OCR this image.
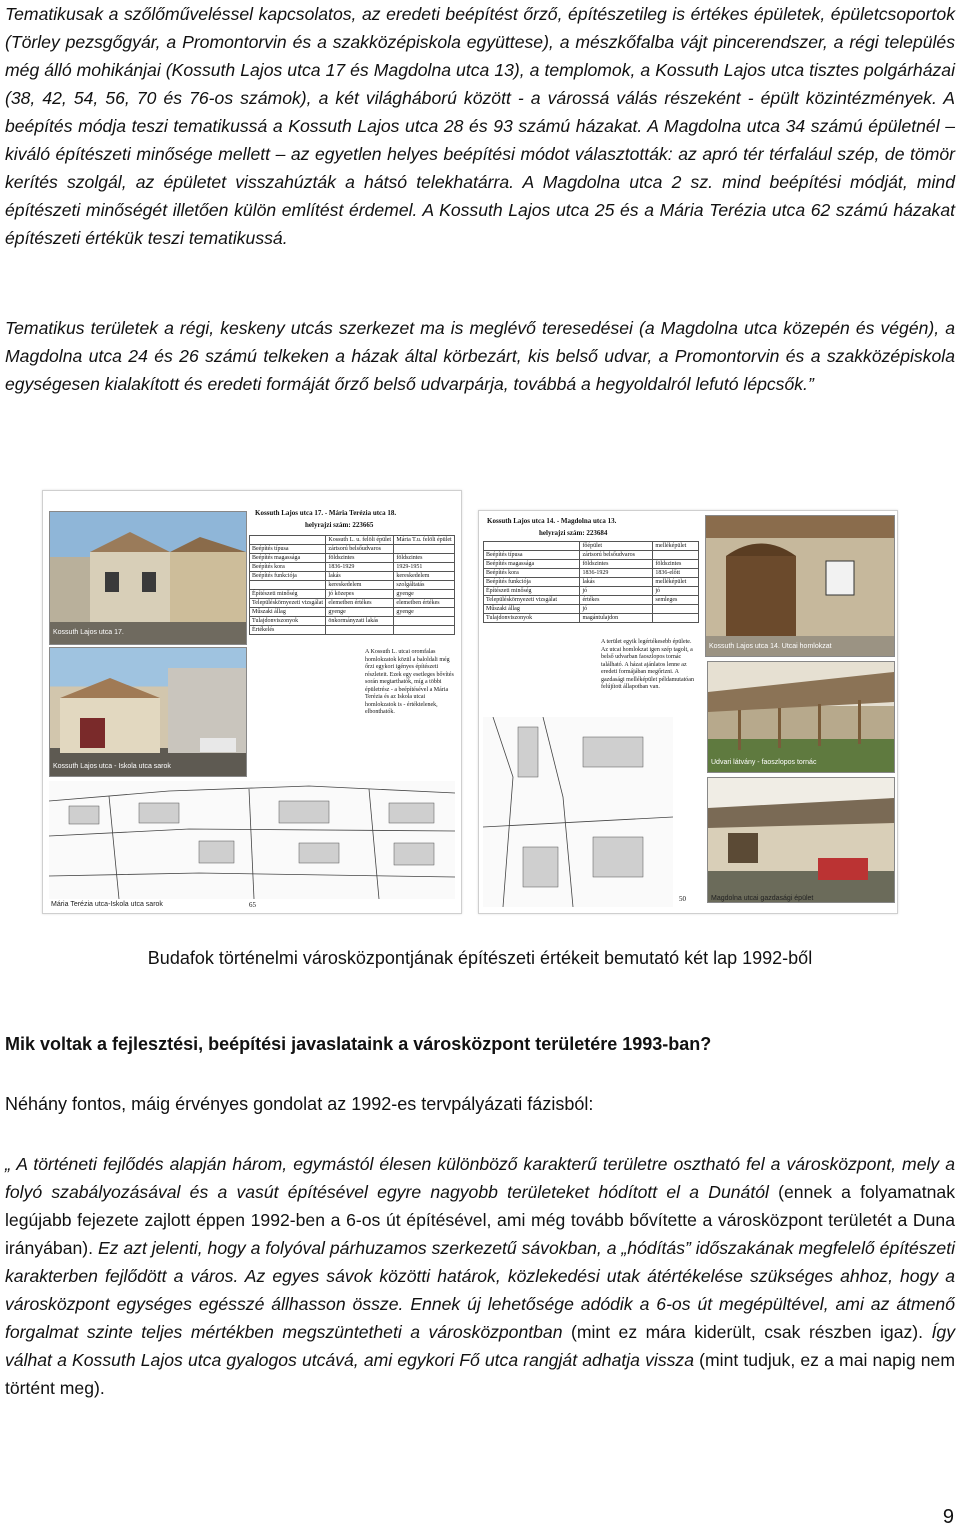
Tematikusak a szőlőműveléssel kapcsolatos, az eredeti beépítést őrző, építészetileg is értékes épületek, épületcsoportok (Törley pezsgőgyár, a Promontorvin és a szakközépiskola együttese), a mészkőfalba vájt pincerendszer, a régi település még álló mohikánjai (Kossuth Lajos utca 17 és Magdolna utca 13), a templomok, a Kossuth Lajos utca tisztes polgárházai (38, 42, 54, 56, 70 és 76-os számok), a két világháború között - a várossá válás részeként - épült közintézmények. A beépítés módja teszi tematikussá a Kossuth Lajos utca 28 és 93 számú házakat. A Magdolna utca 34 számú épületnél –kiváló építészeti minősége mellett – az egyetlen helyes beépítési módot választották: az apró tér térfalául szép, de tömör kerítés szolgál, az épületet visszahúzták a hátsó telekhatárra. A Magdolna utca 2 sz. mind beépítési módját, mind építészeti minőségét illetően külön említést érdemel. A Kossuth Lajos utca 25 és a Mária Terézia utca 62 számú házakat építészeti értékük teszi tematikussá.

Tematikus területek a régi, keskeny utcás szerkezet ma is meglévő teresedései (a Magdolna utca közepén és végén), a Magdolna utca 24 és 26 számú telkeken a házak által körbezárt, kis belső udvar, a Promontorvin és a szakközépiskola egységesen kialakított és eredeti formáját őrző belső udvarpárja, továbbá a hegyoldalról lefutó lépcsők.”

Kossuth Lajos utca 17.
Kossuth Lajos utca - Iskola utca sarok
Kossuth Lajos utca 17. - Mária Terézia utca 18.
helyrajzi szám: 223665
	Kossuth L. u. felöli épület	Mária T.u. felöli épület
Beépítés típusa	zártsorú belsőudvaros	
Beépítés magassága	földszintes	földszintes
Beépítés kora	1836-1929	1929-1951
Beépítés funkciója	lakás	kereskedelem
	kereskedelem	szolgáltatás
Építészeti minőség	jó közepes	gyenge
Településkörnyezeti vizsgálat	elemeiben értékes	elemeiben értékes
Műszaki állag	gyenge	gyenge
Tulajdonviszonyok	önkormányzati lakás	
Értékelés		
A Kossuth L. utcai oromfalas homlokzatok közül a baloldali még őrzi egykori igényes építészeti részleteit. Ezek egy esetleges bővítés során megtarthatók, míg a többi épületrész - a beépítésével a Mária Terézia és az Iskola utcai homlokzatok is - értéktelenek, elbonthatók.
Mária Terézia utca-Iskola utca sarok	65
Kossuth Lajos utca 14. - Magdolna utca 13.
helyrajzi szám: 223684
Kossuth Lajos utca 14. Utcai homlokzat
	főépület	melléképület
Beépítés típusa	zártsorú belsőudvaros	
Beépítés magassága	földszintes	földszintes
Beépítés kora	1836-1929	1836-előtt
Beépítés funkciója	lakás	melléképület
Építészeti minőség	jó	jó
Településkörnyezeti vizsgálat	értékes	semleges
Műszaki állag	jó	
Tulajdonviszonyok	magántulajdon	
A terület egyik legértékesebb épülete. Az utcai homlokzat igen szép tagolt, a belső udvarban faoszlopos tornác található. A házat ajánlatos lenne az eredeti formájában megőrizni. A gazdasági melléképület példamutatóan felújított állapotban van.
Udvari látvány - faoszlopos tornác
Magdolna utcai gazdasági épület
50
Budafok történelmi városközpontjának építészeti értékeit bemutató két lap 1992-ből
Mik voltak a fejlesztési, beépítési javaslataink a városközpont területére 1993-ban?
Néhány fontos, máig érvényes gondolat az 1992-es tervpályázati fázisból:

„ A történeti fejlődés alapján három, egymástól élesen különböző karakterű területre osztható fel a városközpont, mely a folyó szabályozásával és a vasút építésével egyre nagyobb területeket hódított el a Dunától (ennek a folyamatnak legújabb fejezete zajlott éppen 1992-ben a 6-os út építésével, ami még tovább bővítette a városközpont területét a Duna irányában). Ez azt jelenti, hogy a folyóval párhuzamos szerkezetű sávokban, a „hódítás” időszakának megfelelő építészeti karakterben fejlődött a város. Az egyes sávok közötti határok, közlekedési utak átértékelése szükséges ahhoz, hogy a városközpont egységes egésszé állhasson össze. Ennek új lehetősége adódik a 6-os út megépültével, ami az átmenő forgalmat szinte teljes mértékben megszüntetheti a városközpontban (mint ez mára kiderült, csak részben igaz). Így válhat a Kossuth Lajos utca gyalogos utcává, ami egykori Fő utca rangját adhatja vissza (mint tudjuk, ez a mai napig nem történt meg).

9
